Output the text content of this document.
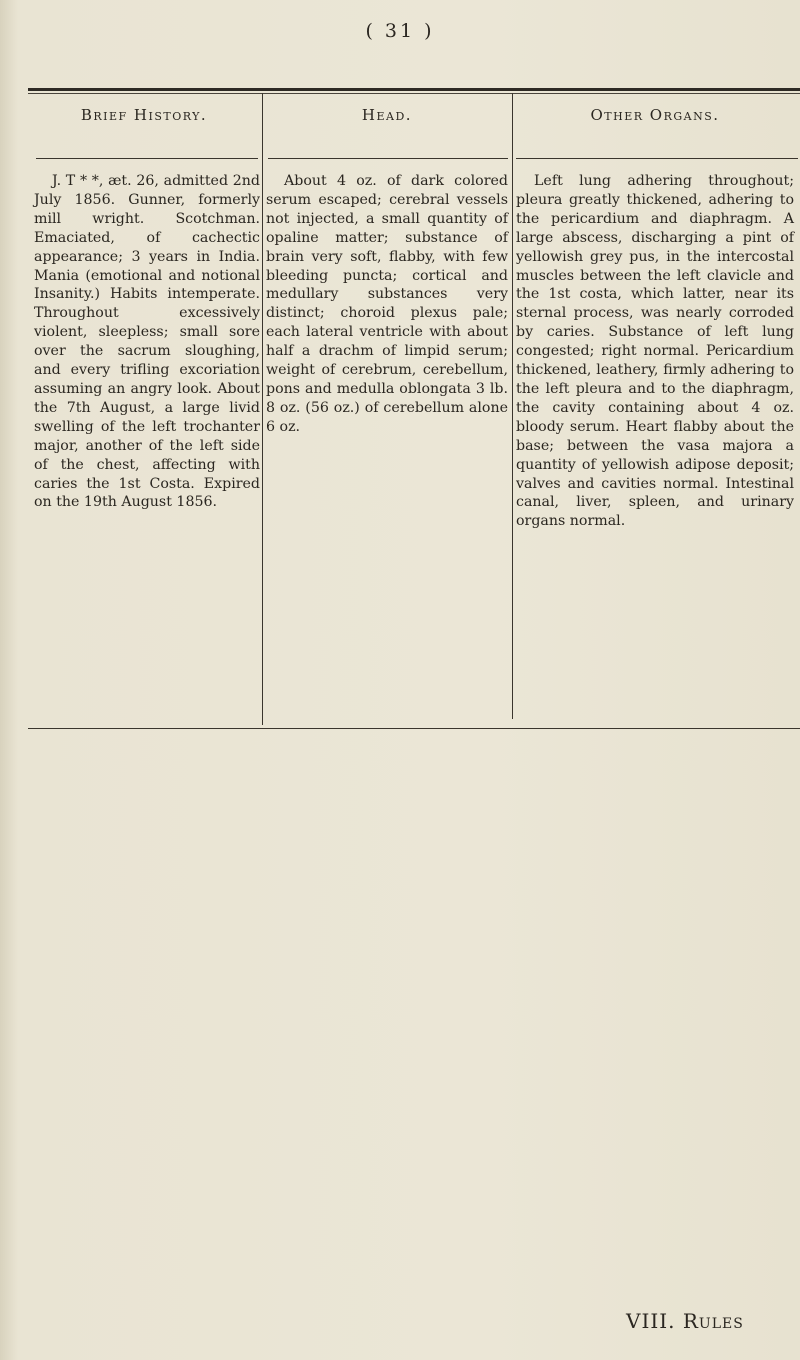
( 31 )
Brief History.	Head.	Other Organs.

J. T * *, æt. 26, admitted 2nd July 1856. Gunner, formerly mill wright. Scotchman. Emaciated, of cachectic appearance; 3 years in India. Mania (emotional and notional Insanity.) Habits intemperate. Throughout excessively violent, sleepless; small sore over the sacrum sloughing, and every trifling excoriation assuming an angry look. About the 7th August, a large livid swelling of the left trochanter major, another of the left side of the chest, affecting with caries the 1st Costa. Expired on the 19th August 1856.

About 4 oz. of dark colored serum escaped; cerebral vessels not injected, a small quantity of opaline matter; substance of brain very soft, flabby, with few bleeding puncta; cortical and medullary substances very distinct; choroid plexus pale; each lateral ventricle with about half a drachm of limpid serum; weight of cerebrum, cerebellum, pons and medulla oblongata 3 lb. 8 oz. (56 oz.) of cerebellum alone 6 oz.

Left lung adhering throughout; pleura greatly thickened, adhering to the pericardium and diaphragm. A large abscess, discharging a pint of yellowish grey pus, in the intercostal muscles between the left clavicle and the 1st costa, which latter, near its sternal process, was nearly corroded by caries. Substance of left lung congested; right normal. Pericardium thickened, leathery, firmly adhering to the left pleura and to the diaphragm, the cavity containing about 4 oz. bloody serum. Heart flabby about the base; between the vasa majora a quantity of yellowish adipose deposit; valves and cavities normal. Intestinal canal, liver, spleen, and urinary organs normal.

VIII. Rules
